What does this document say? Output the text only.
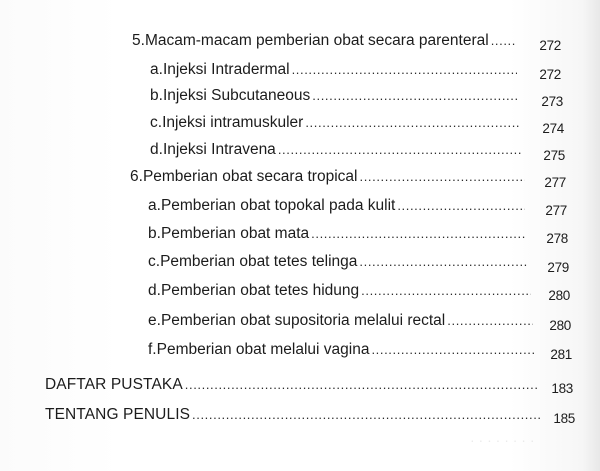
5. Macam-macam pemberian obat secara parenteral .....	272
a. Injeksi Intradermal .....	272
b. Injeksi Subcutaneous .....	273
c. Injeksi intramuskuler .....	274
d. Injeksi Intravena .....	275
6. Pemberian obat secara tropical .....	277
a. Pemberian obat topokal pada kulit .....	277
b. Pemberian obat mata .....	278
c. Pemberian obat tetes telinga .....	279
d. Pemberian obat tetes hidung .....	280
e. Pemberian obat supositoria melalui rectal .....	280
f. Pemberian obat melalui vagina .....	281
DAFTAR PUSTAKA .....	183
TENTANG PENULIS .....	185
· · · · · · · ·
